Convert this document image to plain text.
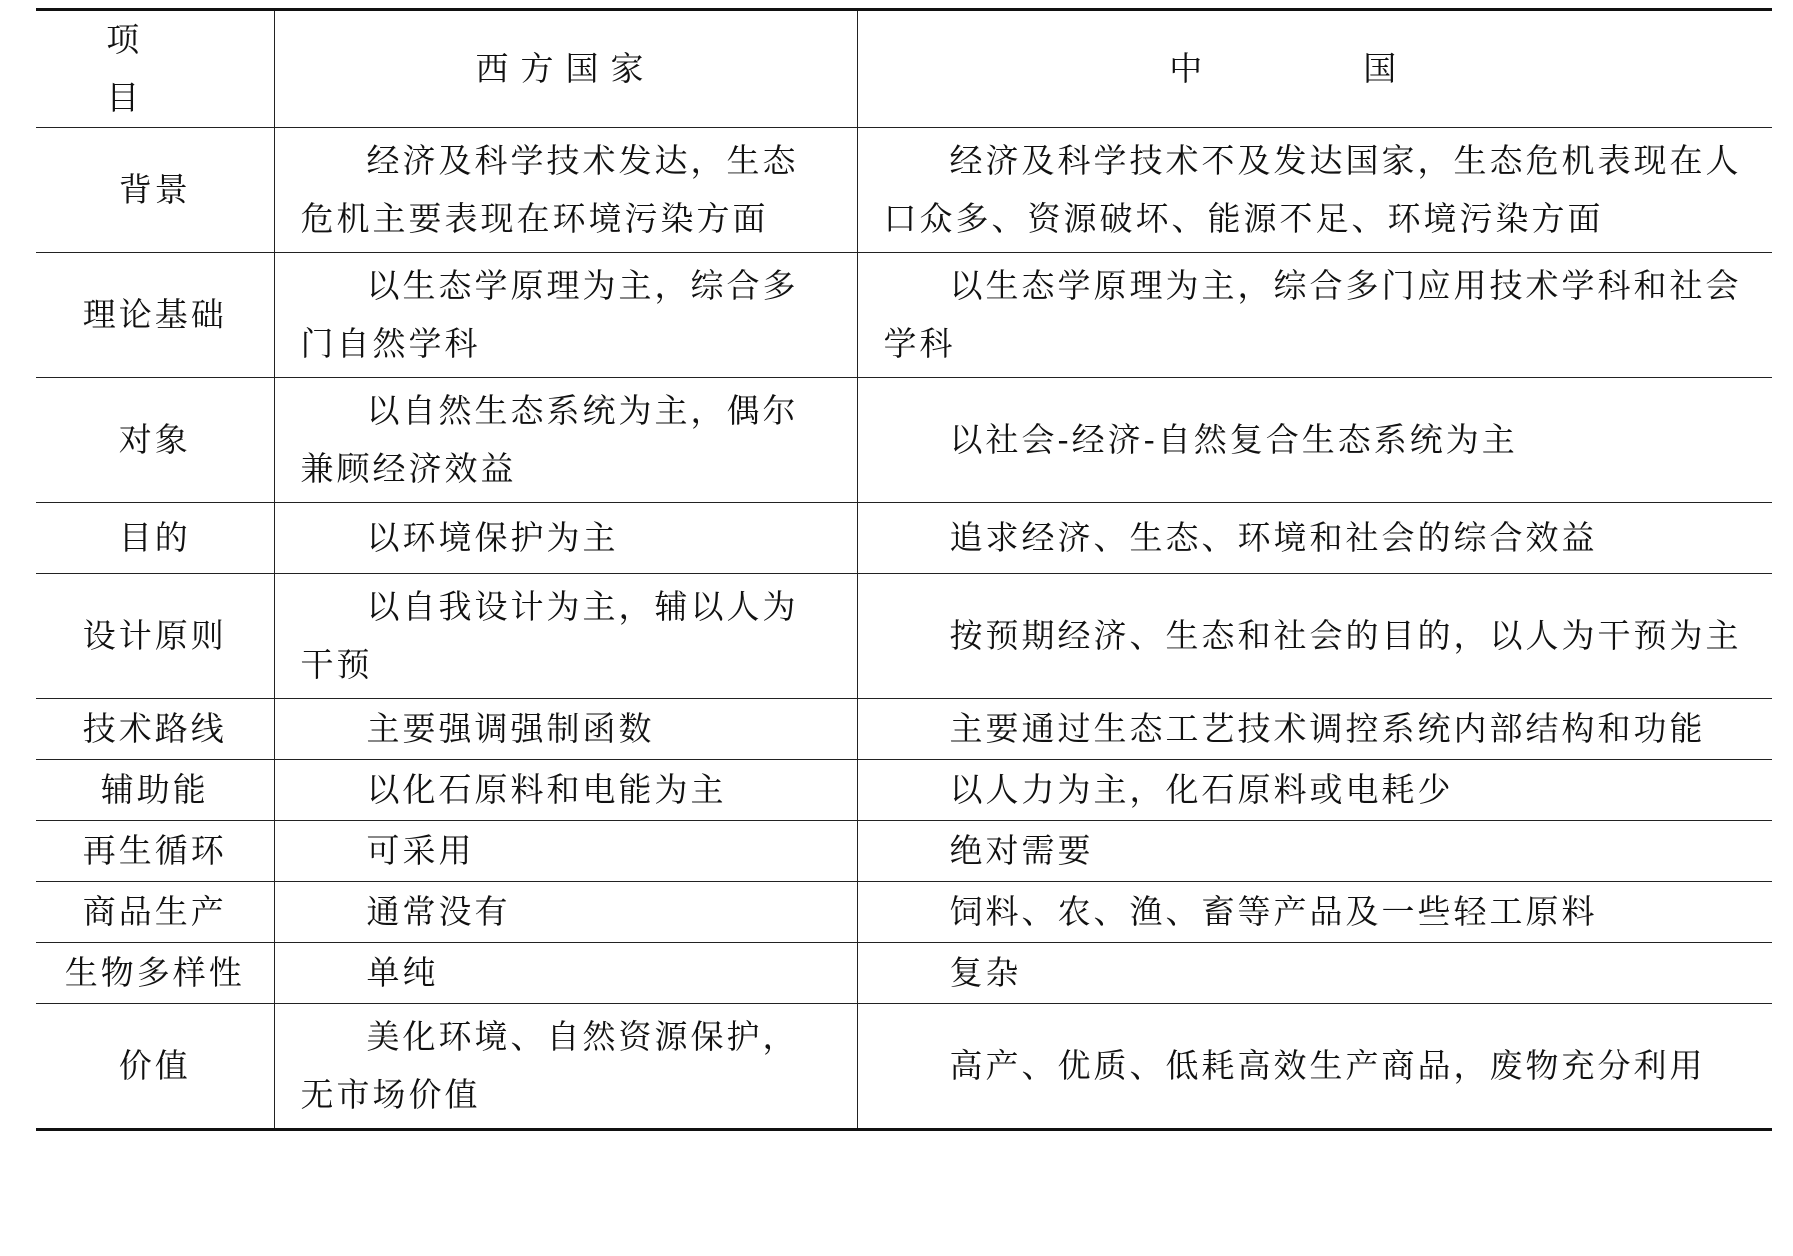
项　目	西方国家	中　国
背景	经济及科学技术发达，生态危机主要表现在环境污染方面	经济及科学技术不及发达国家，生态危机表现在人口众多、资源破坏、能源不足、环境污染方面
理论基础	以生态学原理为主，综合多门自然学科	以生态学原理为主，综合多门应用技术学科和社会学科
对象	以自然生态系统为主，偶尔兼顾经济效益	以社会-经济-自然复合生态系统为主
目的	以环境保护为主	追求经济、生态、环境和社会的综合效益
设计原则	以自我设计为主，辅以人为干预	按预期经济、生态和社会的目的，以人为干预为主
技术路线	主要强调强制函数	主要通过生态工艺技术调控系统内部结构和功能
辅助能	以化石原料和电能为主	以人力为主，化石原料或电耗少
再生循环	可采用	绝对需要
商品生产	通常没有	饲料、农、渔、畜等产品及一些轻工原料
生物多样性	单纯	复杂
价值	美化环境、自然资源保护，无市场价值	高产、优质、低耗高效生产商品，废物充分利用
